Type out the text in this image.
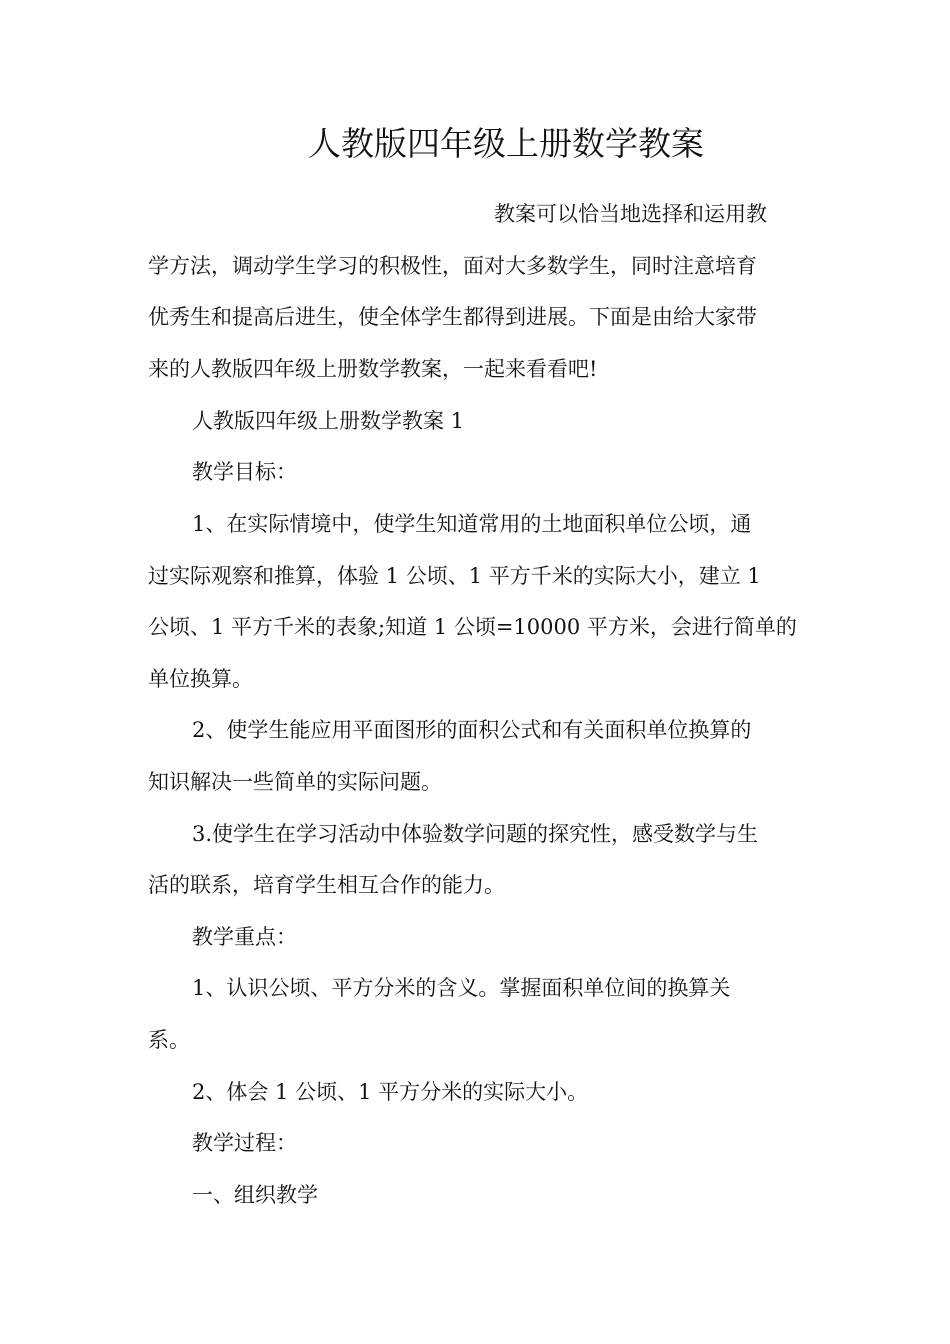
人教版四年级上册数学教案
教案可以恰当地选择和运用教
学方法，调动学生学习的积极性，面对大多数学生，同时注意培育
优秀生和提高后进生，使全体学生都得到进展。下面是由给大家带
来的人教版四年级上册数学教案，一起来看看吧!
人教版四年级上册数学教案 1
教学目标：
1、在实际情境中，使学生知道常用的土地面积单位公顷，通
过实际观察和推算，体验 1 公顷、1 平方千米的实际大小，建立 1
公顷、1 平方千米的表象;知道 1 公顷=10000 平方米，会进行简单的
单位换算。
2、使学生能应用平面图形的面积公式和有关面积单位换算的
知识解决一些简单的实际问题。
3.使学生在学习活动中体验数学问题的探究性，感受数学与生
活的联系，培育学生相互合作的能力。
教学重点：
1、认识公顷、平方分米的含义。掌握面积单位间的换算关
系。
2、体会 1 公顷、1 平方分米的实际大小。
教学过程：
一、组织教学
